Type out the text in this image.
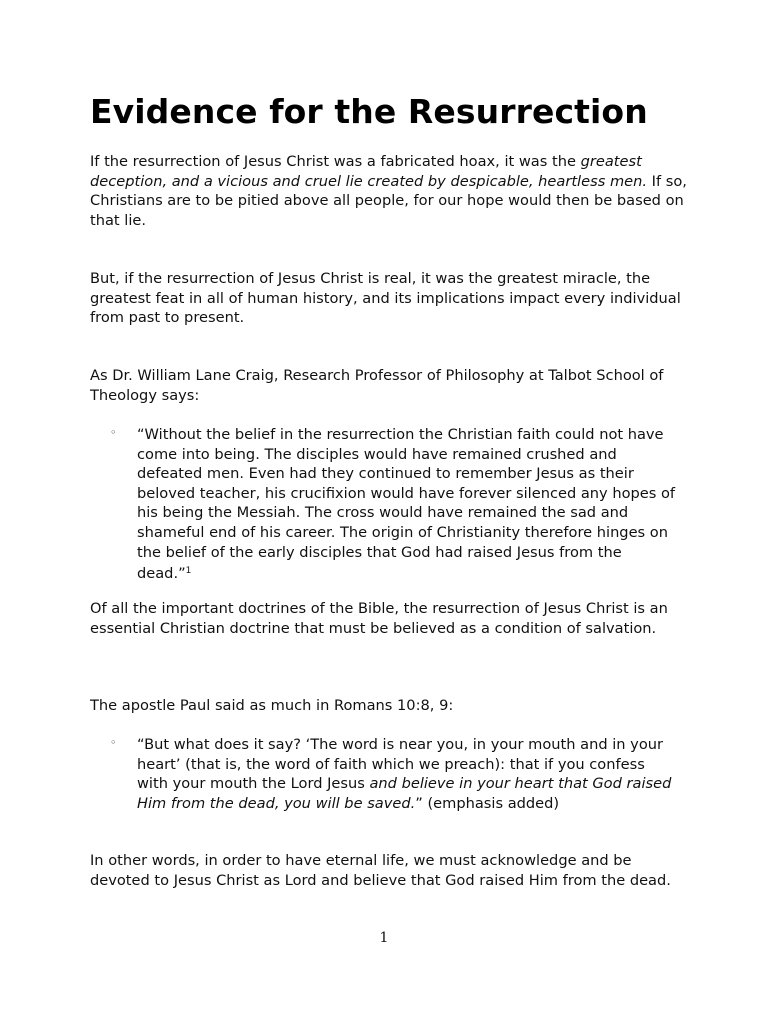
Evidence for the Resurrection

If the resurrection of Jesus Christ was a fabricated hoax, it was the greatest deception, and a vicious and cruel lie created by despicable, heartless men. If so, Christians are to be pitied above all people, for our hope would then be based on that lie.

But, if the resurrection of Jesus Christ is real, it was the greatest miracle, the greatest feat in all of human history, and its implications impact every individual from past to present.

As Dr. William Lane Craig, Research Professor of Philosophy at Talbot School of Theology says:

◦ “Without the belief in the resurrection the Christian faith could not have come into being. The disciples would have remained crushed and defeated men. Even had they continued to remember Jesus as their beloved teacher, his crucifixion would have forever silenced any hopes of his being the Messiah. The cross would have remained the sad and shameful end of his career. The origin of Christianity therefore hinges on the belief of the early disciples that God had raised Jesus from the dead.”$^1$

Of all the important doctrines of the Bible, the resurrection of Jesus Christ is an essential Christian doctrine that must be believed as a condition of salvation.

The apostle Paul said as much in Romans 10:8, 9:

◦ “But what does it say? ‘The word is near you, in your mouth and in your heart’ (that is, the word of faith which we preach): that if you confess with your mouth the Lord Jesus and believe in your heart that God raised Him from the dead, you will be saved.” (emphasis added)

In other words, in order to have eternal life, we must acknowledge and be devoted to Jesus Christ as Lord and believe that God raised Him from the dead.

1
